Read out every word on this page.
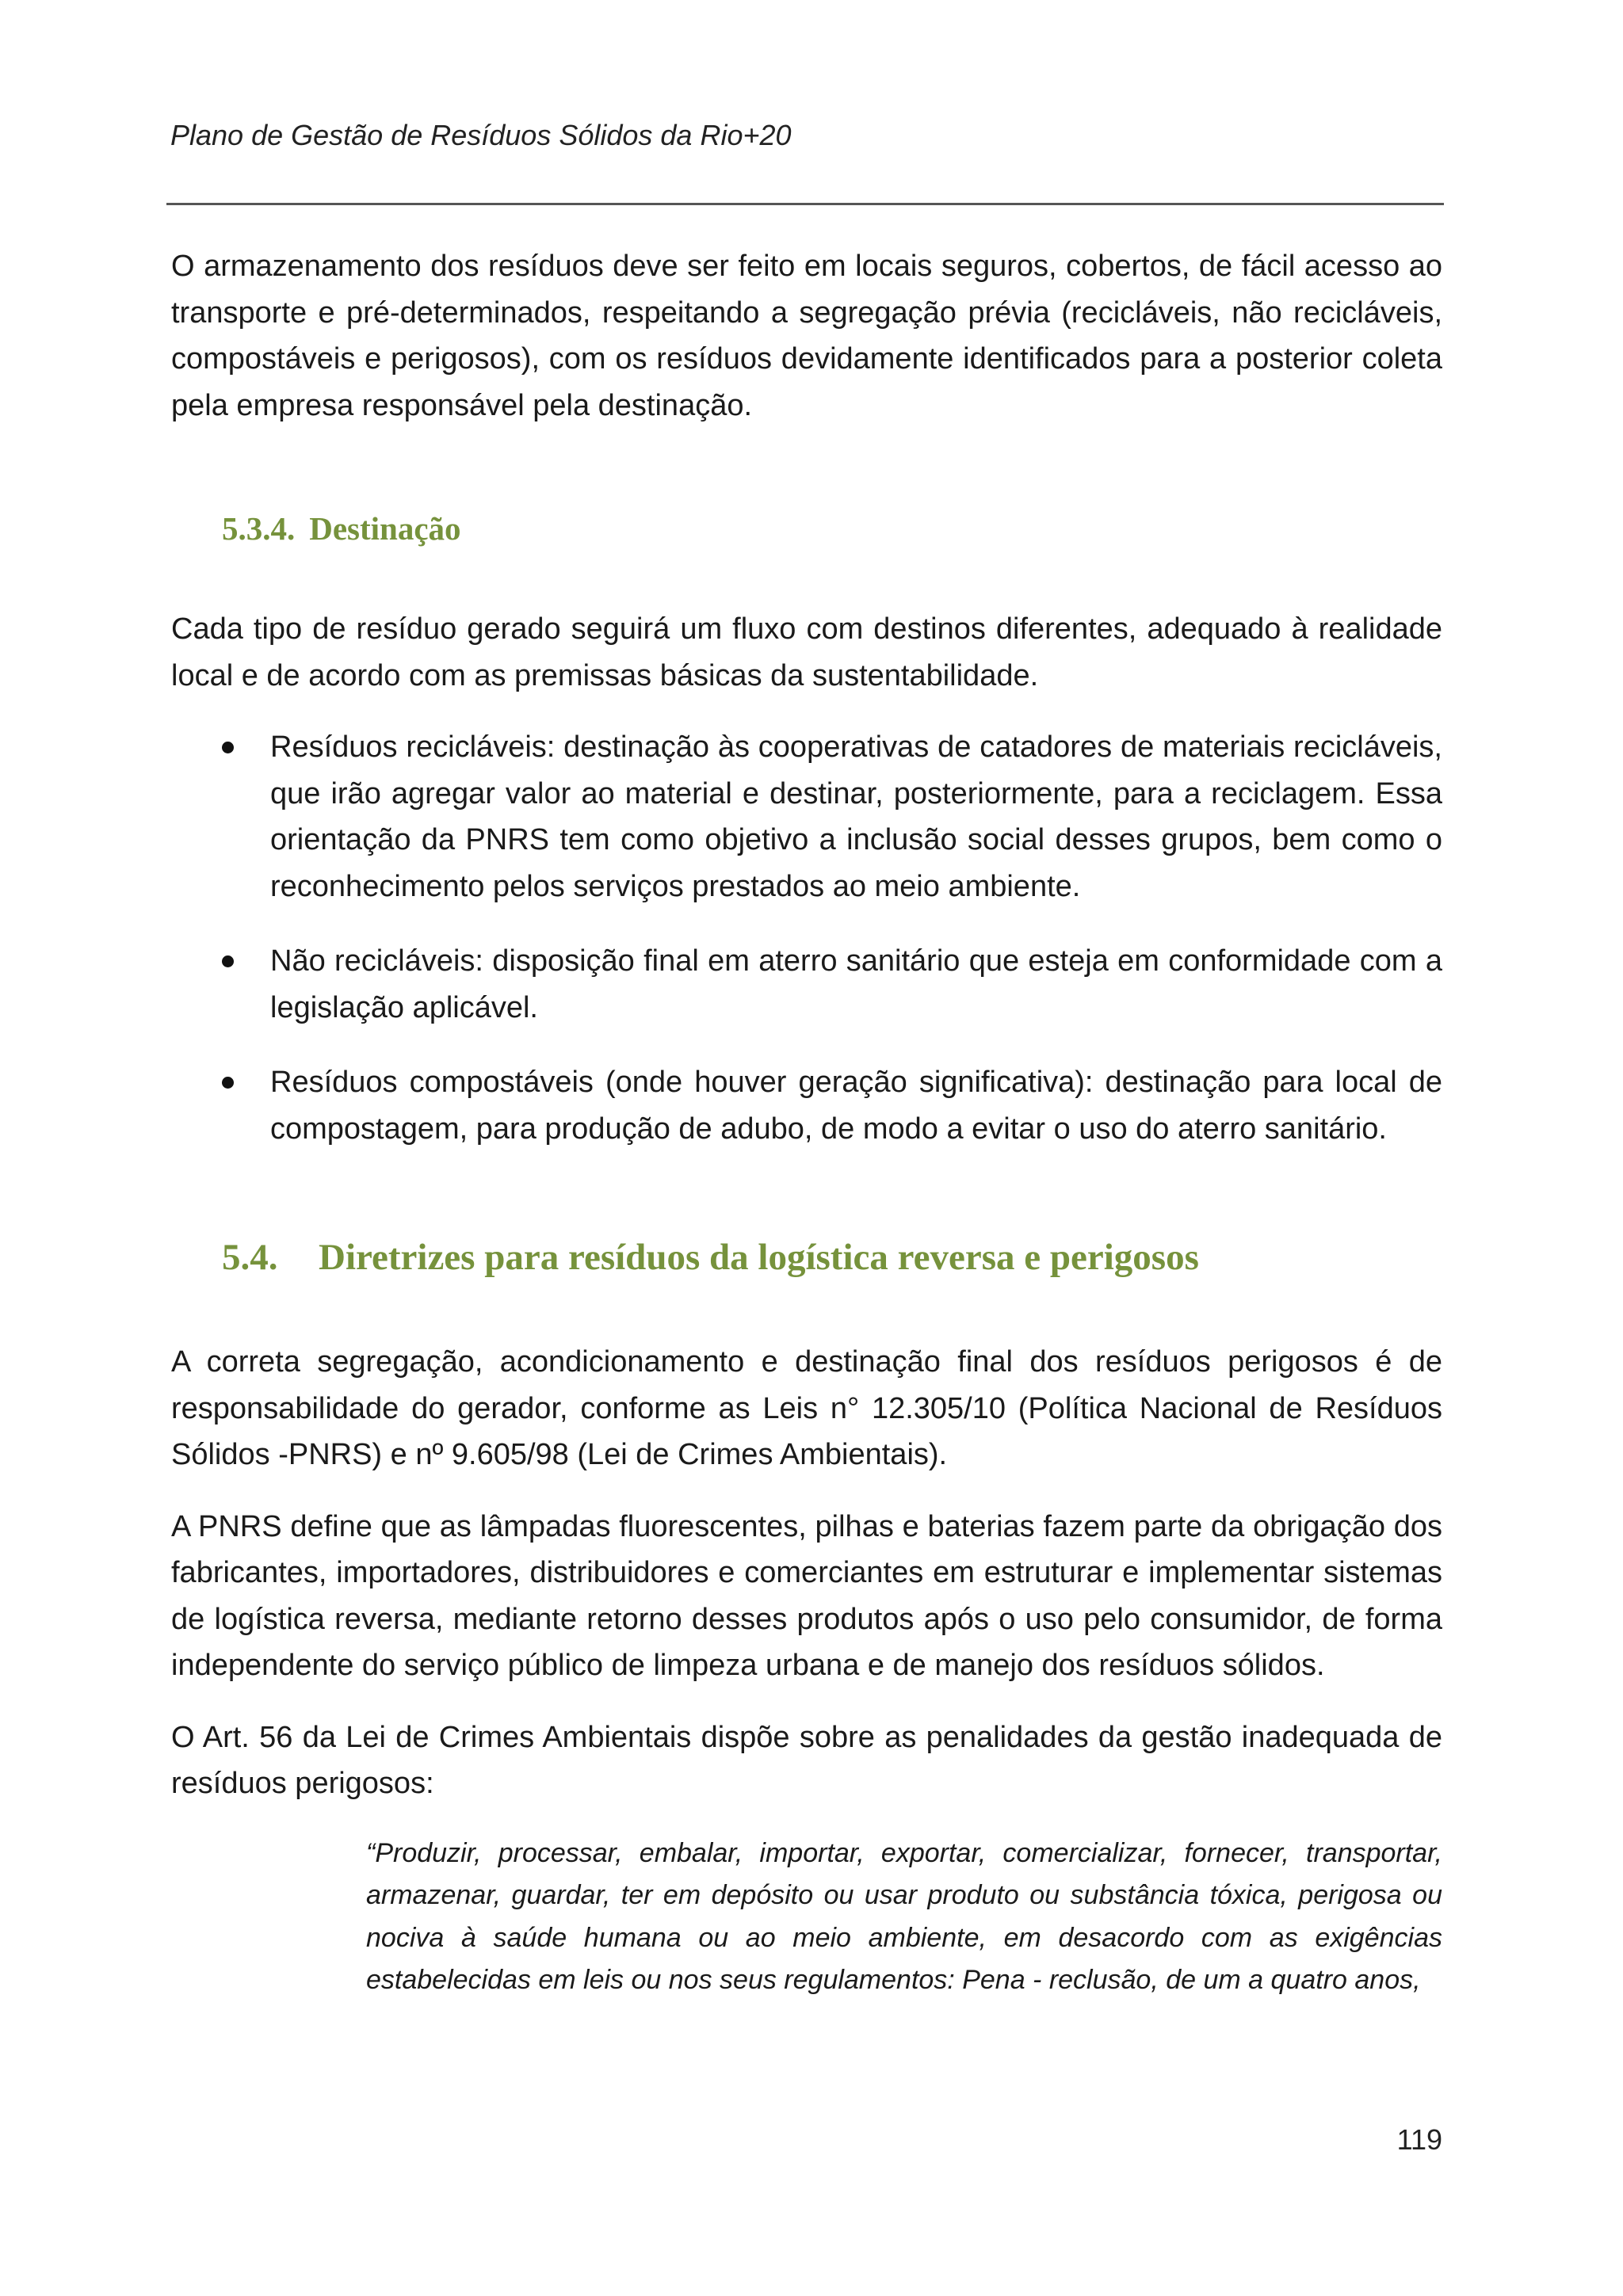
Plano de Gestão de Resíduos Sólidos da Rio+20

O armazenamento dos resíduos deve ser feito em locais seguros, cobertos, de fácil acesso ao transporte e pré-determinados, respeitando a segregação prévia (recicláveis, não recicláveis, compostáveis e perigosos), com os resíduos devidamente identificados para a posterior coleta pela empresa responsável pela destinação.

5.3.4. Destinação

Cada tipo de resíduo gerado seguirá um fluxo com destinos diferentes, adequado à realidade local e de acordo com as premissas básicas da sustentabilidade.

Resíduos recicláveis: destinação às cooperativas de catadores de materiais recicláveis, que irão agregar valor ao material e destinar, posteriormente, para a reciclagem. Essa orientação da PNRS tem como objetivo a inclusão social desses grupos, bem como o reconhecimento pelos serviços prestados ao meio ambiente.
Não recicláveis: disposição final em aterro sanitário que esteja em conformidade com a legislação aplicável.
Resíduos compostáveis (onde houver geração significativa): destinação para local de compostagem, para produção de adubo, de modo a evitar o uso do aterro sanitário.
5.4. Diretrizes para resíduos da logística reversa e perigosos

A correta segregação, acondicionamento e destinação final dos resíduos perigosos é de responsabilidade do gerador, conforme as Leis n° 12.305/10 (Política Nacional de Resíduos Sólidos -PNRS) e nº 9.605/98 (Lei de Crimes Ambientais).

A PNRS define que as lâmpadas fluorescentes, pilhas e baterias fazem parte da obrigação dos fabricantes, importadores, distribuidores e comerciantes em estruturar e implementar sistemas de logística reversa, mediante retorno desses produtos após o uso pelo consumidor, de forma independente do serviço público de limpeza urbana e de manejo dos resíduos sólidos.

O Art. 56 da Lei de Crimes Ambientais dispõe sobre as penalidades da gestão inadequada de resíduos perigosos:

“Produzir, processar, embalar, importar, exportar, comercializar, fornecer, transportar, armazenar, guardar, ter em depósito ou usar produto ou substância tóxica, perigosa ou nociva à saúde humana ou ao meio ambiente, em desacordo com as exigências estabelecidas em leis ou nos seus regulamentos: Pena - reclusão, de um a quatro anos,
119
